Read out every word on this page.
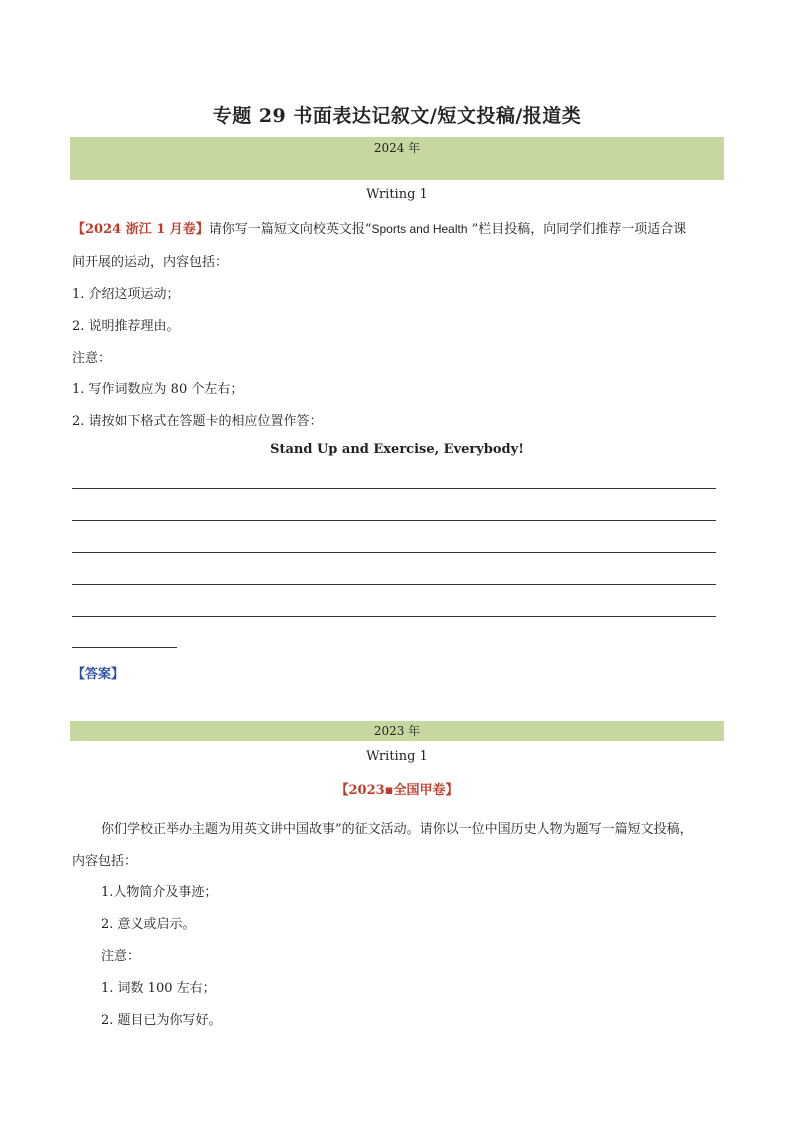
专题 29 书面表达记叙文/短文投稿/报道类
2024 年
Writing 1
【2024 浙江 1 月卷】请你写一篇短文向校英文报“Sports and Health ”栏目投稿，向同学们推荐一项适合课
间开展的运动，内容包括：
1. 介绍这项运动；
2. 说明推荐理由。
注意：
1. 写作词数应为 80 个左右；
2. 请按如下格式在答题卡的相应位置作答：
Stand Up and Exercise, Everybody!
【答案】
2023 年
Writing 1
【2023▪全国甲卷】
你们学校正举办主题为用英文讲中国故事”的征文活动。请你以一位中国历史人物为题写一篇短文投稿，
内容包括：
1.人物简介及事迹；
2. 意义或启示。
注意：
1. 词数 100 左右；
2. 题目已为你写好。
